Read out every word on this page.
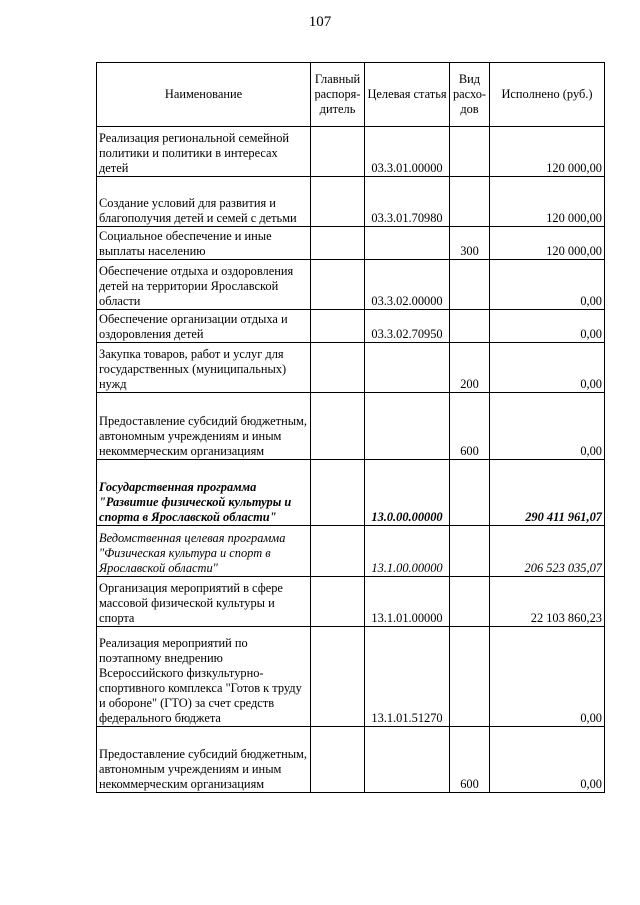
107
Наименование	Главный распоря-дитель	Целевая статья	Вид расхо-дов	Исполнено (руб.)
Реализация региональной семейной политики и политики в интересах детей		03.3.01.00000		120 000,00
Создание условий для развития и благополучия детей и семей с детьми		03.3.01.70980		120 000,00
Социальное обеспечение и иные выплаты населению			300	120 000,00
Обеспечение отдыха и оздоровления детей на территории Ярославской области		03.3.02.00000		0,00
Обеспечение организации отдыха и оздоровления детей		03.3.02.70950		0,00
Закупка товаров, работ и услуг для государственных (муниципальных) нужд			200	0,00
Предоставление субсидий бюджетным, автономным учреждениям и иным некоммерческим организациям			600	0,00
Государственная программа "Развитие физической культуры и спорта в Ярославской области"		13.0.00.00000		290 411 961,07
Ведомственная целевая программа "Физическая культура и спорт в Ярославской области"		13.1.00.00000		206 523 035,07
Организация мероприятий в сфере массовой физической культуры и спорта		13.1.01.00000		22 103 860,23
Реализация мероприятий по поэтапному внедрению Всероссийского физкультурно-спортивного комплекса "Готов к труду и обороне" (ГТО) за счет средств федерального бюджета		13.1.01.51270		0,00
Предоставление субсидий бюджетным, автономным учреждениям и иным некоммерческим организациям			600	0,00
